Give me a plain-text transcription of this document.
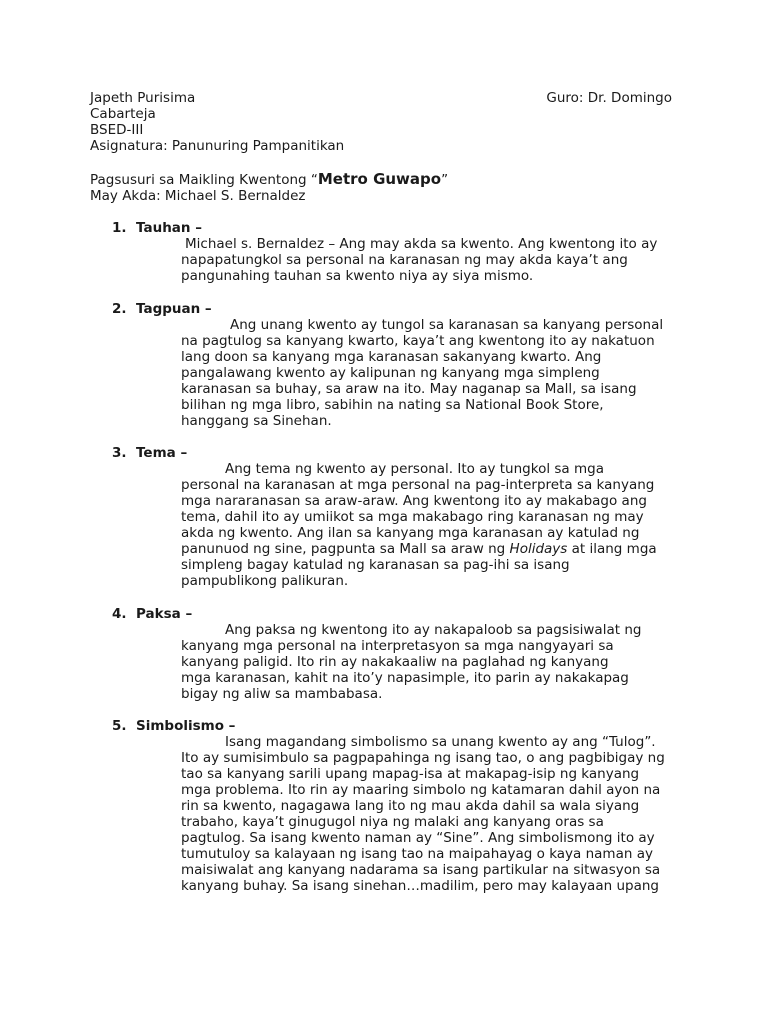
Japeth Purisima	Guro: Dr. Domingo
Cabarteja
BSED-III
Asignatura: Panunuring Pampanitikan
Pagsusuri sa Maikling Kwentong “Metro Guwapo”
May Akda: Michael S. Bernaldez
1. Tauhan –

Michael s. Bernaldez – Ang may akda sa kwento. Ang kwentong ito ay

napapatungkol sa personal na karanasan ng may akda kaya’t ang

pangunahing tauhan sa kwento niya ay siya mismo.

2. Tagpuan –

Ang unang kwento ay tungol sa karanasan sa kanyang personal

na pagtulog sa kanyang kwarto, kaya’t ang kwentong ito ay nakatuon

lang doon sa kanyang mga karanasan sakanyang kwarto. Ang

pangalawang kwento ay kalipunan ng kanyang mga simpleng

karanasan sa buhay, sa araw na ito. May naganap sa Mall, sa isang

bilihan ng mga libro, sabihin na nating sa National Book Store,

hanggang sa Sinehan.

3. Tema –

Ang tema ng kwento ay personal. Ito ay tungkol sa mga

personal na karanasan at mga personal na pag-interpreta sa kanyang

mga nararanasan sa araw-araw. Ang kwentong ito ay makabago ang

tema, dahil ito ay umiikot sa mga makabago ring karanasan ng may

akda ng kwento. Ang ilan sa kanyang mga karanasan ay katulad ng

panunuod ng sine, pagpunta sa Mall sa araw ng Holidays at ilang mga

simpleng bagay katulad ng karanasan sa pag-ihi sa isang

pampublikong palikuran.

4. Paksa –

Ang paksa ng kwentong ito ay nakapaloob sa pagsisiwalat ng

kanyang mga personal na interpretasyon sa mga nangyayari sa

kanyang paligid. Ito rin ay nakakaaliw na paglahad ng kanyang

mga karanasan, kahit na ito’y napasimple, ito parin ay nakakapag

bigay ng aliw sa mambabasa.

5. Simbolismo –

Isang magandang simbolismo sa unang kwento ay ang “Tulog”.

Ito ay sumisimbulo sa pagpapahinga ng isang tao, o ang pagbibigay ng

tao sa kanyang sarili upang mapag-isa at makapag-isip ng kanyang

mga problema. Ito rin ay maaring simbolo ng katamaran dahil ayon na

rin sa kwento, nagagawa lang ito ng mau akda dahil sa wala siyang

trabaho, kaya’t ginugugol niya ng malaki ang kanyang oras sa

pagtulog. Sa isang kwento naman ay “Sine”. Ang simbolismong ito ay

tumutuloy sa kalayaan ng isang tao na maipahayag o kaya naman ay

maisiwalat ang kanyang nadarama sa isang partikular na sitwasyon sa

kanyang buhay. Sa isang sinehan…madilim, pero may kalayaan upang
